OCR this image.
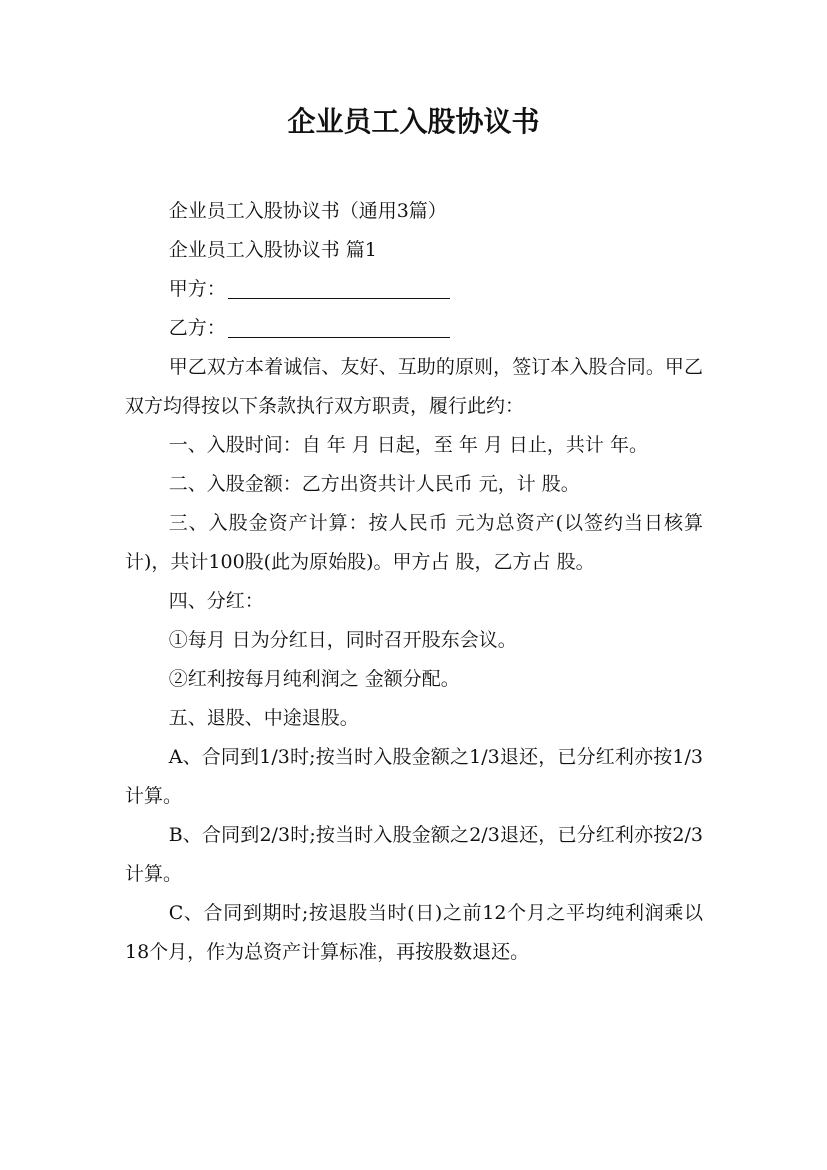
企业员工入股协议书

企业员工入股协议书（通用3篇）

企业员工入股协议书 篇1

甲方：

乙方：

甲乙双方本着诚信、友好、互助的原则，签订本入股合同。甲乙双方均得按以下条款执行双方职责，履行此约：

一、入股时间：自 年 月 日起，至 年 月 日止，共计 年。

二、入股金额：乙方出资共计人民币 元，计 股。

三、入股金资产计算：按人民币 元为总资产(以签约当日核算计)，共计100股(此为原始股)。甲方占 股，乙方占 股。

四、分红：

①每月 日为分红日，同时召开股东会议。

②红利按每月纯利润之 金额分配。

五、退股、中途退股。

A、合同到1/3时;按当时入股金额之1/3退还，已分红利亦按1/3计算。

B、合同到2/3时;按当时入股金额之2/3退还，已分红利亦按2/3计算。

C、合同到期时;按退股当时(日)之前12个月之平均纯利润乘以18个月，作为总资产计算标准，再按股数退还。
